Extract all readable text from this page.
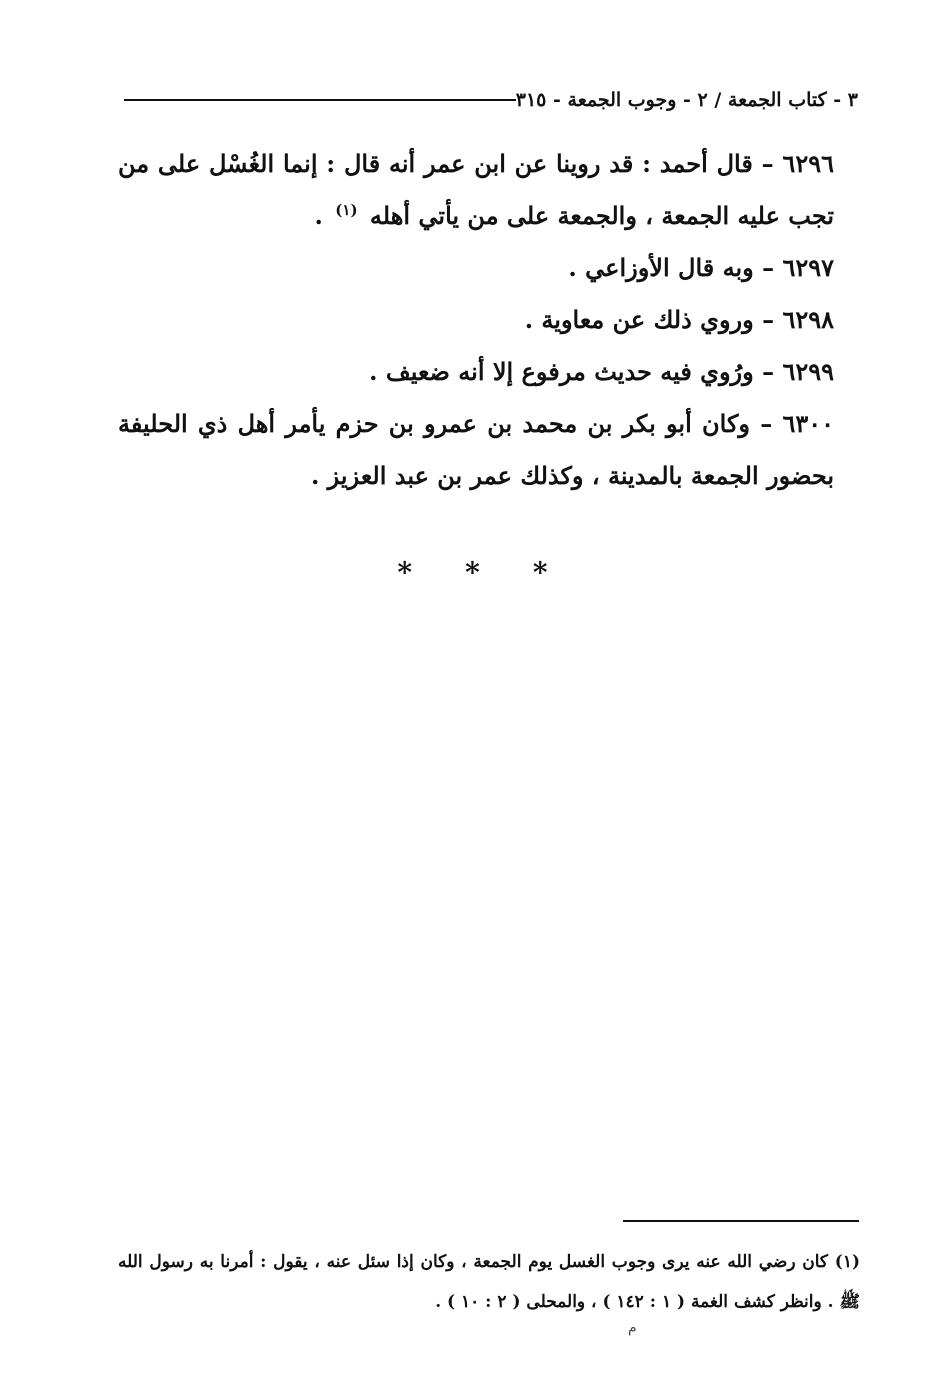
٣ - كتاب الجمعة / ٢ - وجوب الجمعة - ٣١٥

٦٢٩٦ – قال أحمد : قد روينا عن ابن عمر أنه قال : إنما الغُسْل على من تجب عليه الجمعة ، والجمعة على من يأتي أهله $^{(١)}$ .

٦٢٩٧ – وبه قال الأوزاعي .

٦٢٩٨ – وروي ذلك عن معاوية .

٦٢٩٩ – ورُوي فيه حديث مرفوع إلا أنه ضعيف .

٦٣٠٠ – وكان أبو بكر بن محمد بن عمرو بن حزم يأمر أهل ذي الحليفة بحضور الجمعة بالمدينة ، وكذلك عمر بن عبد العزيز .

* * *

(١) كان رضي الله عنه يرى وجوب الغسل يوم الجمعة ، وكان إذا سئل عنه ، يقول : أمرنا به رسول الله ﷺ . وانظر كشف الغمة ( ١ : ١٤٢ ) ، والمحلى ( ٢ : ١٠ ) .

م
